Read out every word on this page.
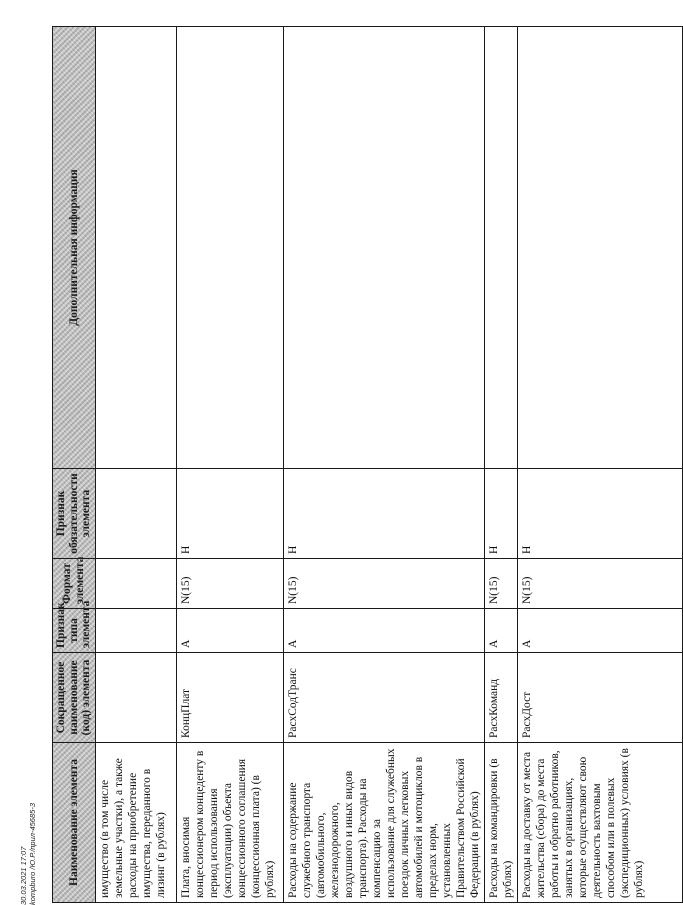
Наименование элемента	Сокращенное наименование (код) элемента	Признак типа элемента	Формат элемента	Признак обязательности элемента	Дополнительная информация
имущество (в том числе земельные участки), а также расходы на приобретение имущества, переданного в лизинг (в рублях)					
Плата, вносимая концессионером концеденту в период использования (эксплуатации) объекта концессионного соглашения (концессионная плата) (в рублях)	КонцПлат	А	N(15)	Н	
Расходы на содержание служебного транспорта (автомобильного, железнодорожного, воздушного и иных видов транспорта). Расходы на компенсацию за использование для служебных поездок личных легковых автомобилей и мотоциклов в пределах норм, установленных Правительством Российской Федерации (в рублях)	РасхСодТранс	А	N(15)	Н	
Расходы на командировки (в рублях)	РасхКоманд	А	N(15)	Н	
Расходы на доставку от места жительства (сбора) до места работы и обратно работников, занятых в организациях, которые осуществляют свою деятельность вахтовым способом или в полевых (экспедиционных) условиях (в рублях)	РасхДост	А	N(15)	Н	
30.03.2021 17:07 kompburo /Ю.Р./прил-45685-3
